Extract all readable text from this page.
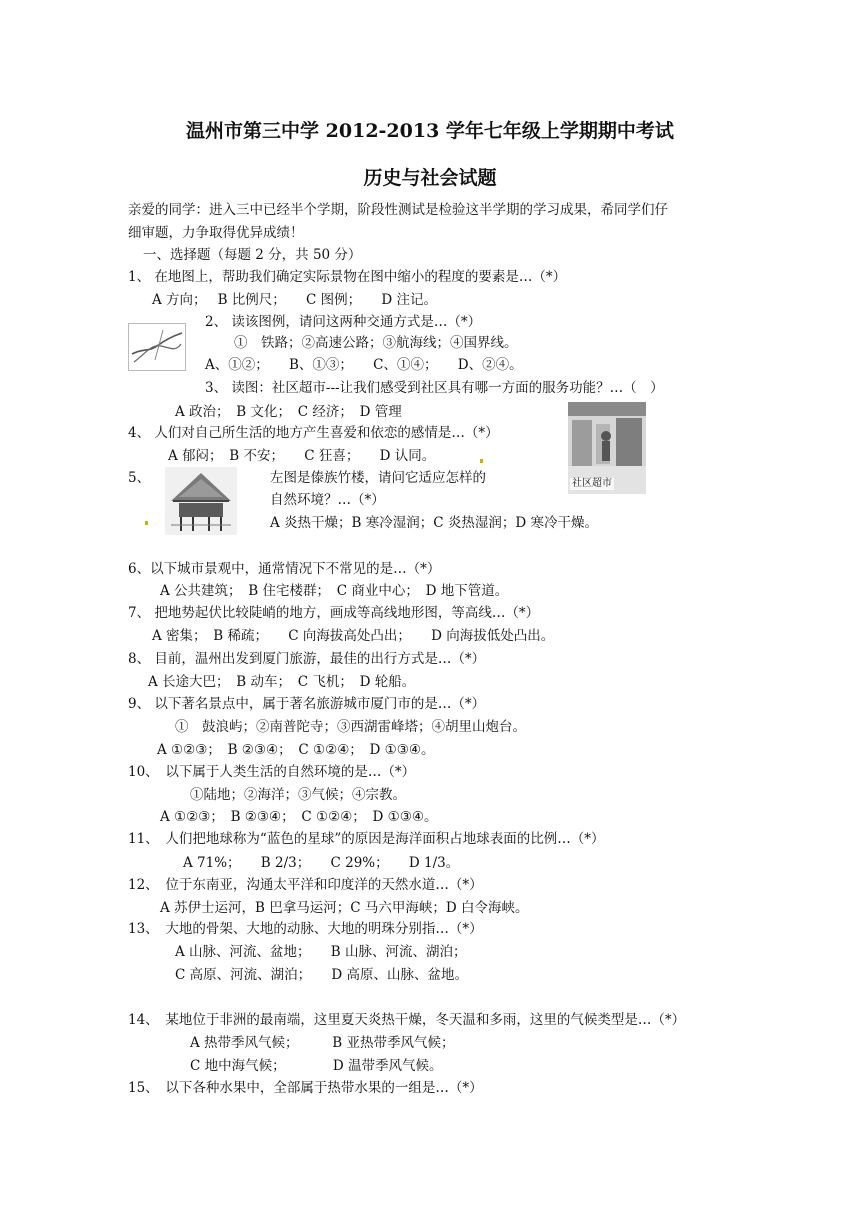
温州市第三中学 2012-2013 学年七年级上学期期中考试
历史与社会试题
亲爱的同学：进入三中已经半个学期，阶段性测试是检验这半学期的学习成果，希同学们仔
细审题，力争取得优异成绩！
一、选择题（每题 2 分，共 50 分）
1、 在地图上，帮助我们确定实际景物在图中缩小的程度的要素是…（*）
A 方向；　 B 比例尺；　　C 图例；　　D 注记。
2、 读该图例，请问这两种交通方式是…（*）
①　铁路；②高速公路；③航海线；④国界线。
A、①②；　　B、①③；　　C、①④；　　D、②④。
3、 读图：社区超市---让我们感受到社区具有哪一方面的服务功能？…（　）
A 政治；　B 文化；　C 经济；　D 管理
社区超市
4、 人们对自己所生活的地方产生喜爱和依恋的感情是…（*）
A 郁闷；　B 不安；　　C 狂喜；　　D 认同。
5、	左图是傣族竹楼，请问它适应怎样的
自然环境？…（*）
A 炎热干燥；B 寒冷湿润；C 炎热湿润；D 寒冷干燥。
6、以下城市景观中，通常情况下不常见的是…（*）
A 公共建筑；　B 住宅楼群；　C 商业中心；　D 地下管道。
7、 把地势起伏比较陡峭的地方，画成等高线地形图，等高线…（*）
A 密集；　B 稀疏；　　C 向海拔高处凸出；　　D 向海拔低处凸出。
8、 目前，温州出发到厦门旅游，最佳的出行方式是…（*）
A 长途大巴；　B 动车；　C 飞机；　D 轮船。
9、 以下著名景点中，属于著名旅游城市厦门市的是…（*）
①　鼓浪屿；②南普陀寺；③西湖雷峰塔；④胡里山炮台。
A ①②③；　B ②③④；　C ①②④；　D ①③④。
10、　以下属于人类生活的自然环境的是…（*）
①陆地；②海洋；③气候；④宗教。
A ①②③；　B ②③④；　C ①②④；　D ①③④。
11、　人们把地球称为“蓝色的星球”的原因是海洋面积占地球表面的比例…（*）
A 71%；　　B 2/3；　　C 29%；　　D 1/3。
12、　位于东南亚，沟通太平洋和印度洋的天然水道…（*）
A 苏伊士运河，B 巴拿马运河；C 马六甲海峡；D 白令海峡。
13、　大地的骨架、大地的动脉、大地的明珠分别指…（*）
A 山脉、河流、盆地；　　B 山脉、河流、湖泊；
C 高原、河流、湖泊；　　D 高原、山脉、盆地。
14、　某地位于非洲的最南端，这里夏天炎热干燥，冬天温和多雨，这里的气候类型是…（*）
A 热带季风气候；　　　B 亚热带季风气候；
C 地中海气候；　　　　D 温带季风气候。
15、　以下各种水果中，全部属于热带水果的一组是…（*）
